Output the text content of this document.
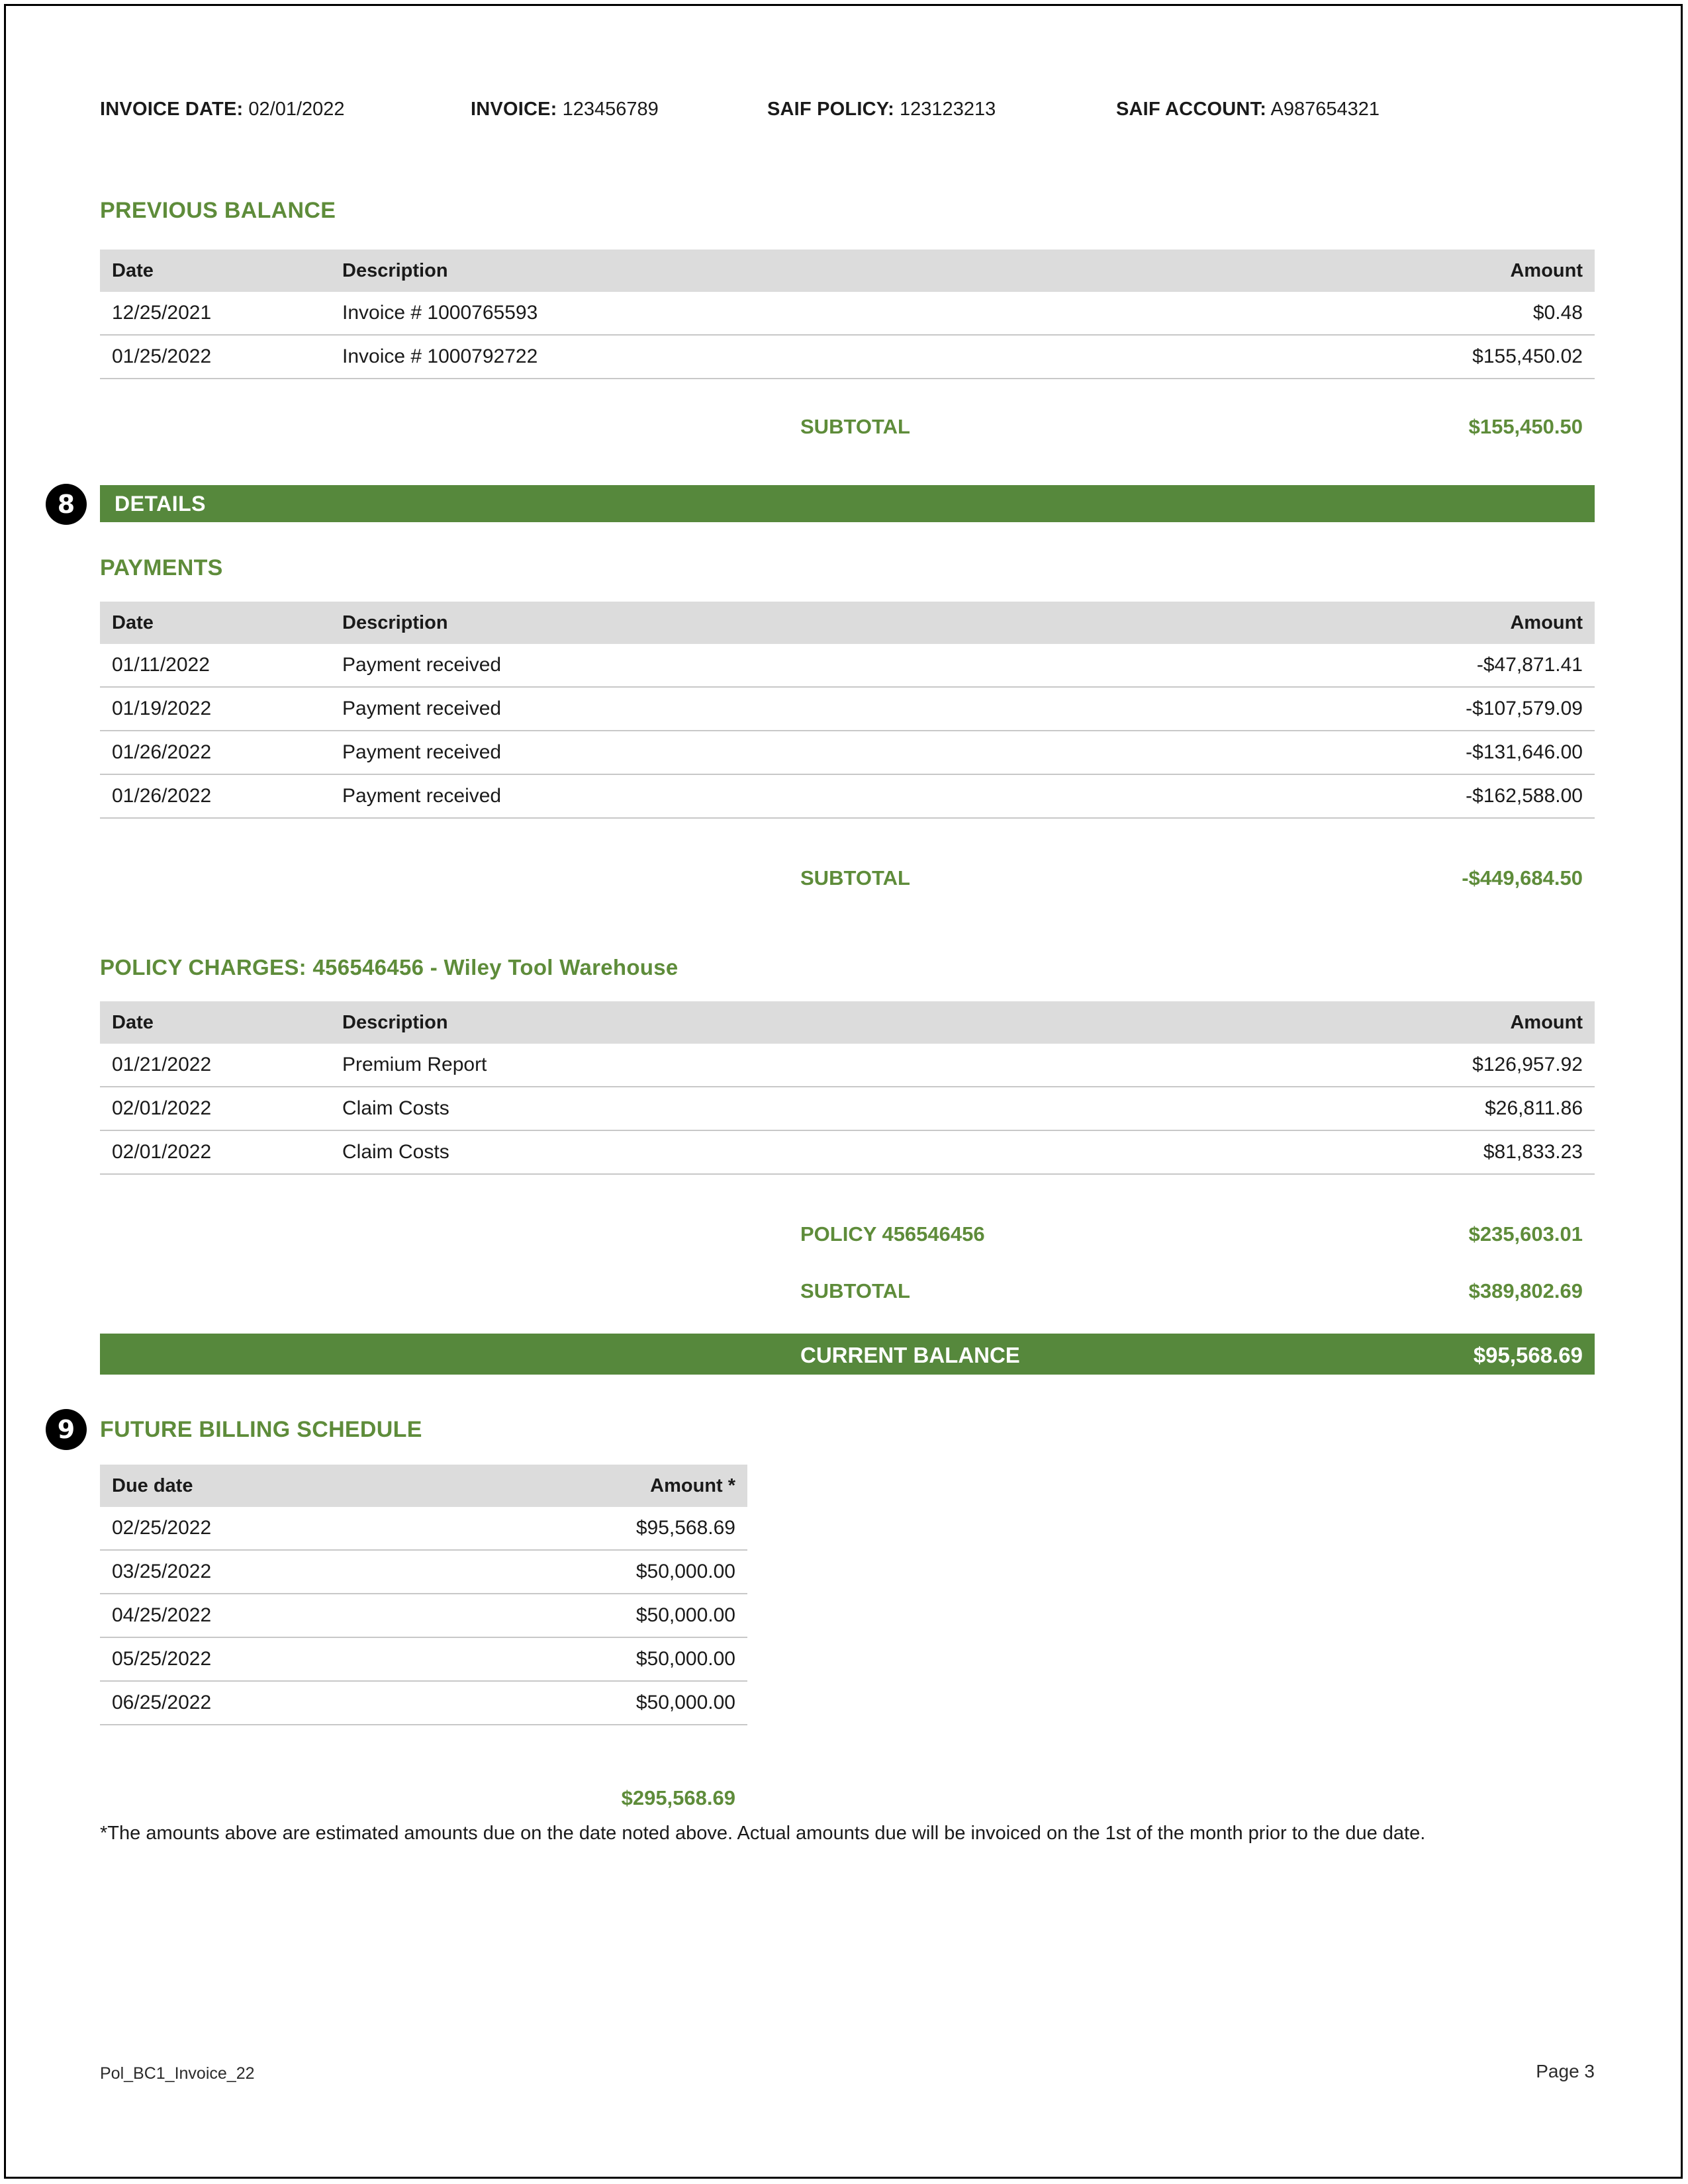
INVOICE DATE: 02/01/2022	INVOICE: 123456789	SAIF POLICY: 123123213	SAIF ACCOUNT: A987654321
PREVIOUS BALANCE
Date	Description	Amount
12/25/2021	Invoice # 1000765593	$0.48
01/25/2022	Invoice # 1000792722	$155,450.02
SUBTOTAL	$155,450.50
8	DETAILS
PAYMENTS
Date	Description	Amount
01/11/2022	Payment received	-$47,871.41
01/19/2022	Payment received	-$107,579.09
01/26/2022	Payment received	-$131,646.00
01/26/2022	Payment received	-$162,588.00
SUBTOTAL	-$449,684.50
POLICY CHARGES: 456546456 - Wiley Tool Warehouse
Date	Description	Amount
01/21/2022	Premium Report	$126,957.92
02/01/2022	Claim Costs	$26,811.86
02/01/2022	Claim Costs	$81,833.23
POLICY 456546456	$235,603.01
SUBTOTAL	$389,802.69
CURRENT BALANCE	$95,568.69
9	FUTURE BILLING SCHEDULE
Due date	Amount *
02/25/2022	$95,568.69
03/25/2022	$50,000.00
04/25/2022	$50,000.00
05/25/2022	$50,000.00
06/25/2022	$50,000.00
$295,568.69
*The amounts above are estimated amounts due on the date noted above. Actual amounts due will be invoiced on the 1st of the month prior to the due date.
Pol_BC1_Invoice_22	Page 3
